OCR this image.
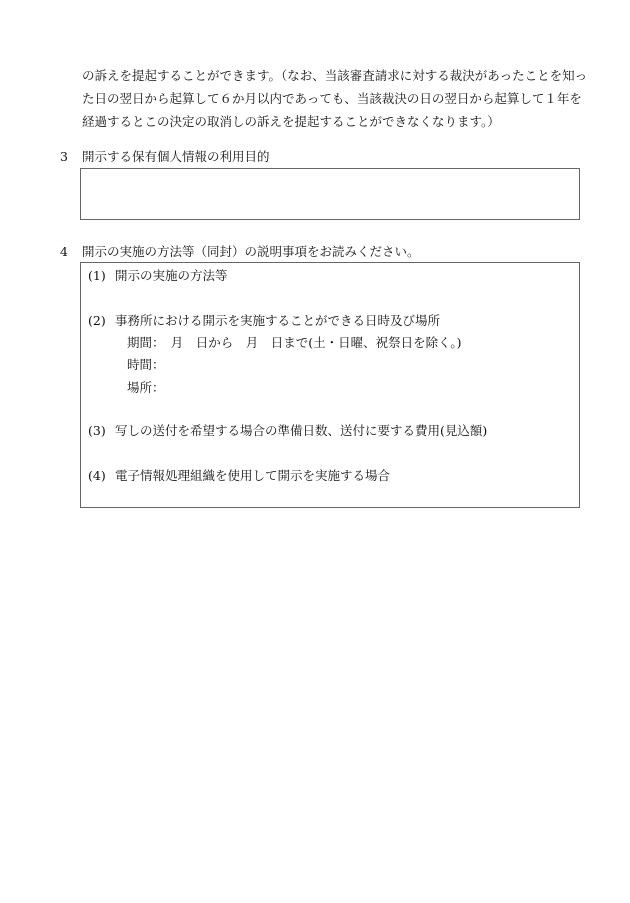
の訴えを提起することができます。（なお、当該審査請求に対する裁決があったことを知っ
た日の翌日から起算して６か月以内であっても、当該裁決の日の翌日から起算して１年を
経過するとこの決定の取消しの訴えを提起することができなくなります。）
3 開示する保有個人情報の利用目的
4 開示の実施の方法等（同封）の説明事項をお読みください。
(1) 開示の実施の方法等
(2) 事務所における開示を実施することができる日時及び場所
期間：　月　日から　月　日まで(土・日曜、祝祭日を除く。)
時間：
場所：
(3) 写しの送付を希望する場合の準備日数、送付に要する費用(見込額)
(4) 電子情報処理組織を使用して開示を実施する場合
